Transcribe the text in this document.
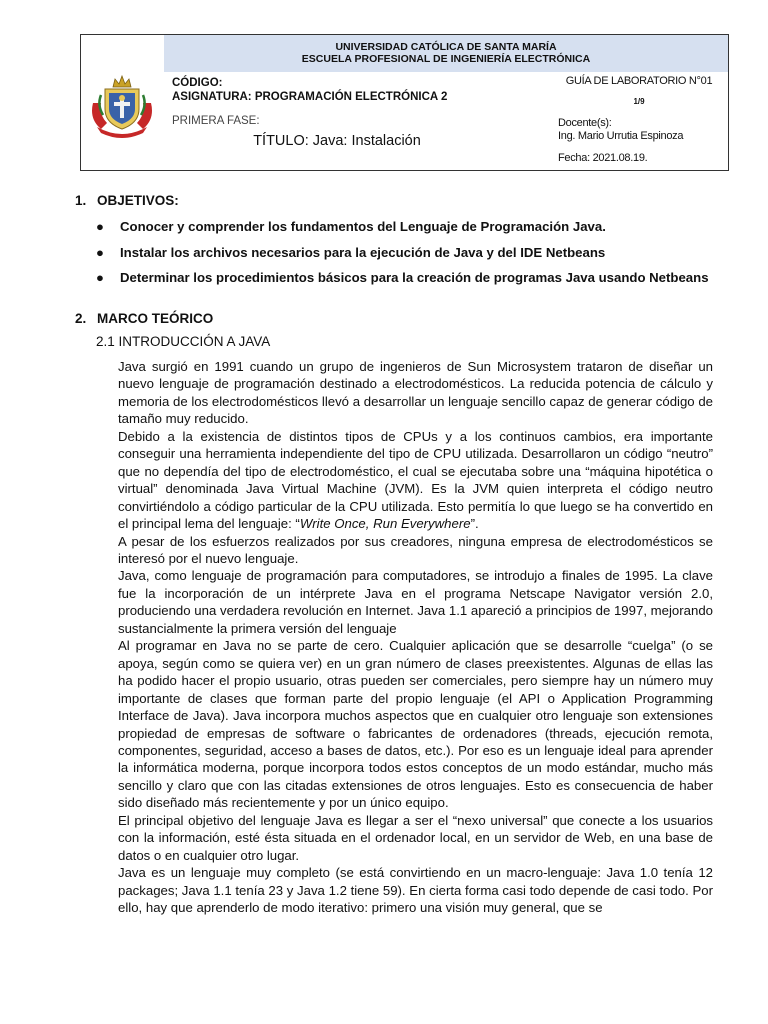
UNIVERSIDAD CATÓLICA DE SANTA MARÍA
ESCUELA PROFESIONAL DE INGENIERÍA ELECTRÓNICA
CÓDIGO:
ASIGNATURA: PROGRAMACIÓN ELECTRÓNICA 2
GUÍA DE LABORATORIO N°01
1/9
PRIMERA FASE:
TÍTULO: Java: Instalación
Docente(s):
Ing. Mario Urrutia Espinoza
Fecha: 2021.08.19.
1. OBJETIVOS:
● Conocer y comprender los fundamentos del Lenguaje de Programación Java.
● Instalar los archivos necesarios para la ejecución de Java y del IDE Netbeans
● Determinar los procedimientos básicos para la creación de programas Java usando Netbeans
2. MARCO TEÓRICO
2.1 INTRODUCCIÓN A JAVA

Java surgió en 1991 cuando un grupo de ingenieros de Sun Microsystem trataron de diseñar un nuevo lenguaje de programación destinado a electrodomésticos. La reducida potencia de cálculo y memoria de los electrodomésticos llevó a desarrollar un lenguaje sencillo capaz de generar código de tamaño muy reducido.

Debido a la existencia de distintos tipos de CPUs y a los continuos cambios, era importante conseguir una herramienta independiente del tipo de CPU utilizada. Desarrollaron un código “neutro” que no dependía del tipo de electrodoméstico, el cual se ejecutaba sobre una “máquina hipotética o virtual” denominada Java Virtual Machine (JVM). Es la JVM quien interpreta el código neutro convirtiéndolo a código particular de la CPU utilizada. Esto permitía lo que luego se ha convertido en el principal lema del lenguaje: “Write Once, Run Everywhere”.

A pesar de los esfuerzos realizados por sus creadores, ninguna empresa de electrodomésticos se interesó por el nuevo lenguaje.

Java, como lenguaje de programación para computadores, se introdujo a finales de 1995. La clave fue la incorporación de un intérprete Java en el programa Netscape Navigator versión 2.0, produciendo una verdadera revolución en Internet. Java 1.1 apareció a principios de 1997, mejorando sustancialmente la primera versión del lenguaje

Al programar en Java no se parte de cero. Cualquier aplicación que se desarrolle “cuelga” (o se apoya, según como se quiera ver) en un gran número de clases preexistentes. Algunas de ellas las ha podido hacer el propio usuario, otras pueden ser comerciales, pero siempre hay un número muy importante de clases que forman parte del propio lenguaje (el API o Application Programming Interface de Java). Java incorpora muchos aspectos que en cualquier otro lenguaje son extensiones propiedad de empresas de software o fabricantes de ordenadores (threads, ejecución remota, componentes, seguridad, acceso a bases de datos, etc.). Por eso es un lenguaje ideal para aprender la informática moderna, porque incorpora todos estos conceptos de un modo estándar, mucho más sencillo y claro que con las citadas extensiones de otros lenguajes. Esto es consecuencia de haber sido diseñado más recientemente y por un único equipo.

El principal objetivo del lenguaje Java es llegar a ser el “nexo universal” que conecte a los usuarios con la información, esté ésta situada en el ordenador local, en un servidor de Web, en una base de datos o en cualquier otro lugar.

Java es un lenguaje muy completo (se está convirtiendo en un macro-lenguaje: Java 1.0 tenía 12 packages; Java 1.1 tenía 23 y Java 1.2 tiene 59). En cierta forma casi todo depende de casi todo. Por ello, hay que aprenderlo de modo iterativo: primero una visión muy general, que se
